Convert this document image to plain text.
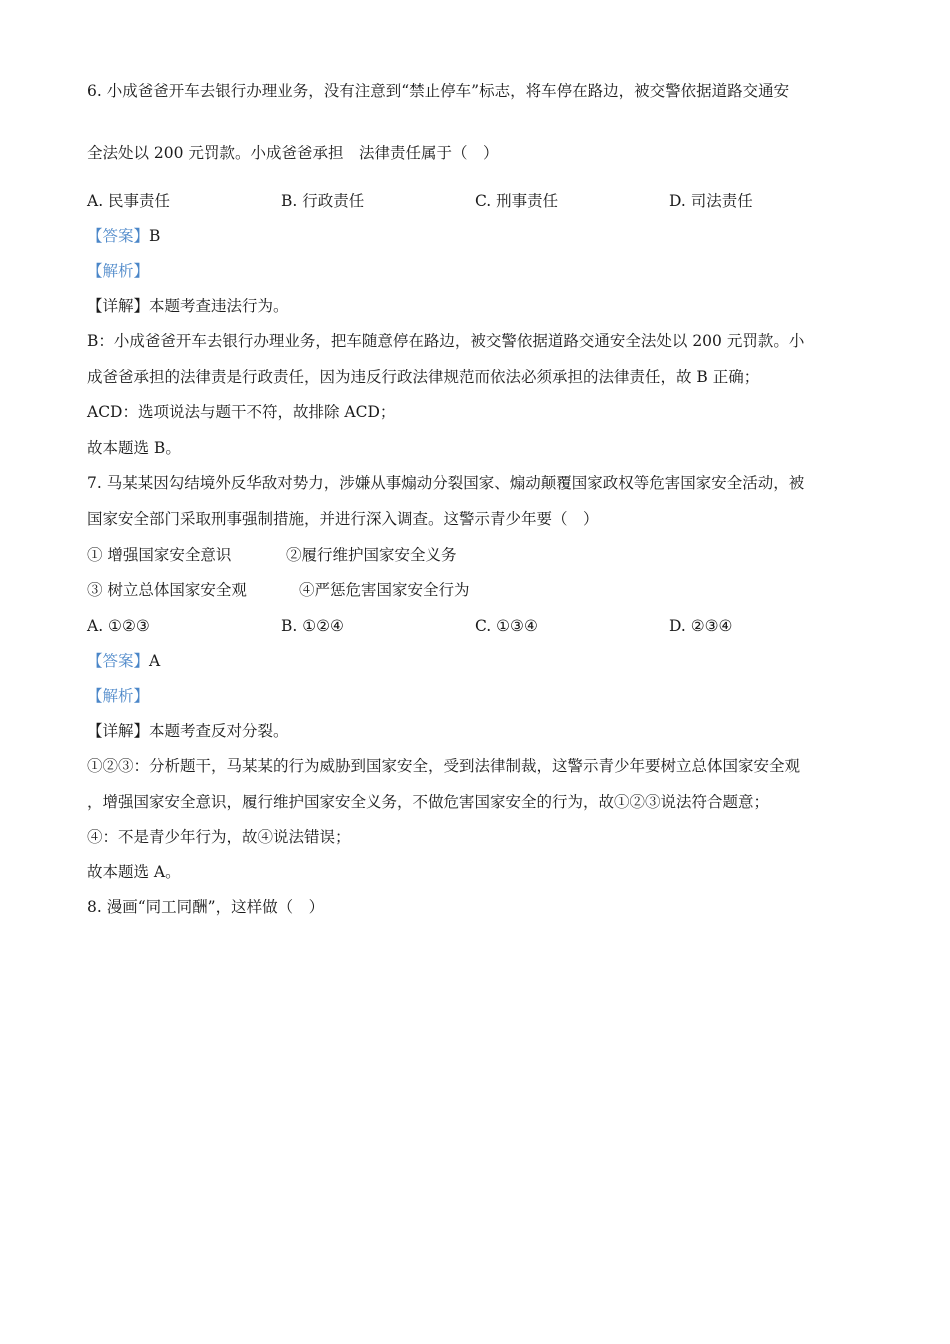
6. 小成爸爸开车去银行办理业务，没有注意到“禁止停车”标志，将车停在路边，被交警依据道路交通安
全法处以 200 元罚款。小成爸爸承担　法律责任属于（　）
A. 民事责任	B. 行政责任	C. 刑事责任	D. 司法责任
【答案】B
【解析】
【详解】本题考查违法行为。
B：小成爸爸开车去银行办理业务，把车随意停在路边，被交警依据道路交通安全法处以 200 元罚款。小
成爸爸承担的法律责是行政责任，因为违反行政法律规范而依法必须承担的法律责任，故 B 正确；
ACD：选项说法与题干不符，故排除 ACD；
故本题选 B。
7. 马某某因勾结境外反华敌对势力，涉嫌从事煽动分裂国家、煽动颠覆国家政权等危害国家安全活动，被
国家安全部门采取刑事强制措施，并进行深入调查。这警示青少年要（　）
① 增强国家安全意识	②履行维护国家安全义务
③ 树立总体国家安全观	④严惩危害国家安全行为
A. ①②③	B. ①②④	C. ①③④	D. ②③④
【答案】A
【解析】
【详解】本题考查反对分裂。
①②③：分析题干，马某某的行为威胁到国家安全，受到法律制裁，这警示青少年要树立总体国家安全观
，增强国家安全意识，履行维护国家安全义务，不做危害国家安全的行为，故①②③说法符合题意；
④：不是青少年行为，故④说法错误；
故本题选 A。
8. 漫画“同工同酬”，这样做（　）
